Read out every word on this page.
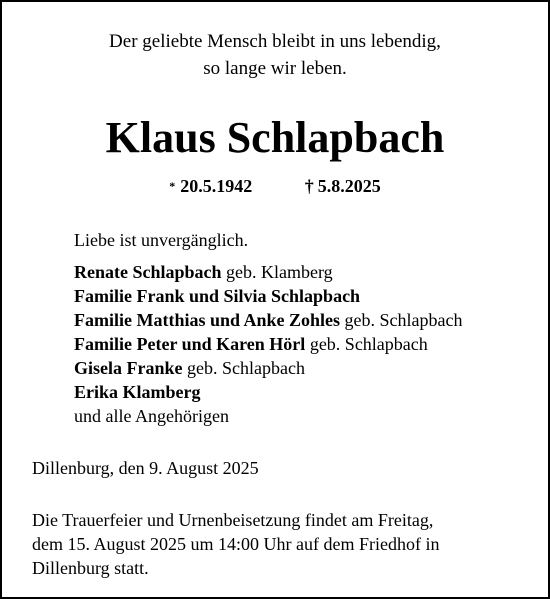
Der geliebte Mensch bleibt in uns lebendig,
so lange wir leben.
Klaus Schlapbach
* 20.5.1942	† 5.8.2025
Liebe ist unvergänglich.
Renate Schlapbach geb. Klamberg
Familie Frank und Silvia Schlapbach
Familie Matthias und Anke Zohles geb. Schlapbach
Familie Peter und Karen Hörl geb. Schlapbach
Gisela Franke geb. Schlapbach
Erika Klamberg
und alle Angehörigen
Dillenburg, den 9. August 2025
Die Trauerfeier und Urnenbeisetzung findet am Freitag,
dem 15. August 2025 um 14:00 Uhr auf dem Friedhof in
Dillenburg statt.
